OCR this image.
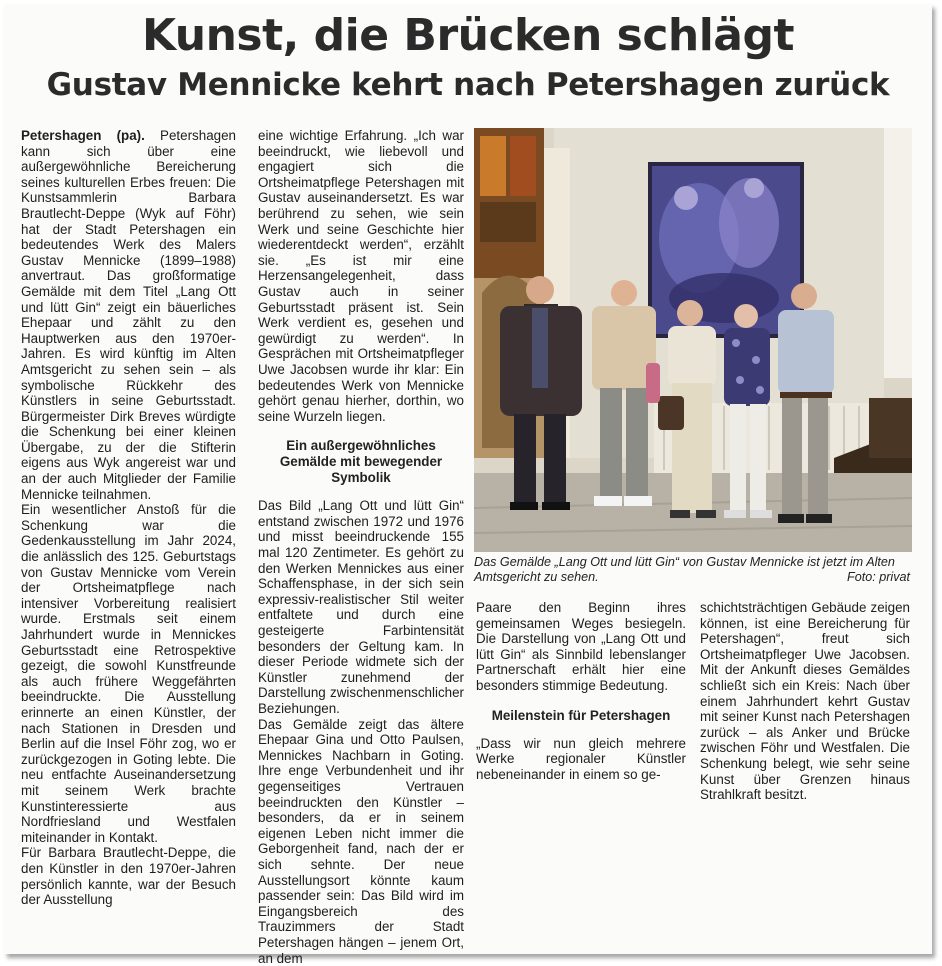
Kunst, die Brücken schlägt
Gustav Mennicke kehrt nach Petershagen zurück

Petershagen (pa). Petershagen kann sich über eine außergewöhnliche Bereicherung seines kulturellen Erbes freuen: Die Kunstsammlerin Barbara Brautlecht-Deppe (Wyk auf Föhr) hat der Stadt Petershagen ein bedeutendes Werk des Malers Gustav Mennicke (1899–1988) anvertraut. Das großformatige Gemälde mit dem Titel „Lang Ott und lütt Gin“ zeigt ein bäuerliches Ehepaar und zählt zu den Hauptwerken aus den 1970er-Jahren. Es wird künftig im Alten Amtsgericht zu sehen sein – als symbolische Rückkehr des Künstlers in seine Geburtsstadt. Bürgermeister Dirk Breves würdigte die Schenkung bei einer kleinen Übergabe, zu der die Stifterin eigens aus Wyk angereist war und an der auch Mitglieder der Familie Mennicke teilnahmen.

Ein wesentlicher Anstoß für die Schenkung war die Gedenkausstellung im Jahr 2024, die anlässlich des 125. Geburtstags von Gustav Mennicke vom Verein der Ortsheimatpflege nach intensiver Vorbereitung realisiert wurde. Erstmals seit einem Jahrhundert wurde in Mennickes Geburtsstadt eine Retrospektive gezeigt, die sowohl Kunstfreunde als auch frühere Weggefährten beeindruckte. Die Ausstellung erinnerte an einen Künstler, der nach Stationen in Dresden und Berlin auf die Insel Föhr zog, wo er zurückgezogen in Goting lebte. Die neu entfachte Auseinandersetzung mit seinem Werk brachte Kunstinteressierte aus Nordfriesland und Westfalen miteinander in Kontakt.

Für Barbara Brautlecht-Deppe, die den Künstler in den 1970er-Jahren persönlich kannte, war der Besuch der Ausstellung

eine wichtige Erfahrung. „Ich war beeindruckt, wie liebevoll und engagiert sich die Ortsheimatpflege Petershagen mit Gustav auseinandersetzt. Es war berührend zu sehen, wie sein Werk und seine Geschichte hier wiederentdeckt werden“, erzählt sie. „Es ist mir eine Herzensangelegenheit, dass Gustav auch in seiner Geburtsstadt präsent ist. Sein Werk verdient es, gesehen und gewürdigt zu werden“. In Gesprächen mit Ortsheimatpfleger Uwe Jacobsen wurde ihr klar: Ein bedeutendes Werk von Mennicke gehört genau hierher, dorthin, wo seine Wurzeln liegen.

Ein außergewöhnliches Gemälde mit bewegender Symbolik

Das Bild „Lang Ott und lütt Gin“ entstand zwischen 1972 und 1976 und misst beeindruckende 155 mal 120 Zentimeter. Es gehört zu den Werken Mennickes aus einer Schaffensphase, in der sich sein expressiv-realistischer Stil weiter entfaltete und durch eine gesteigerte Farbintensität besonders der Geltung kam. In dieser Periode widmete sich der Künstler zunehmend der Darstellung zwischenmenschlicher Beziehungen.

Das Gemälde zeigt das ältere Ehepaar Gina und Otto Paulsen, Mennickes Nachbarn in Goting. Ihre enge Verbundenheit und ihr gegenseitiges Vertrauen beeindruckten den Künstler – besonders, da er in seinem eigenen Leben nicht immer die Geborgenheit fand, nach der er sich sehnte. Der neue Ausstellungsort könnte kaum passender sein: Das Bild wird im Eingangsbereich des Trauzimmers der Stadt Petershagen hängen – jenem Ort, an dem

Das Gemälde „Lang Ott und lütt Gin“ von Gustav Mennicke ist jetzt im Alten Amtsgericht zu sehen.	Foto: privat

Paare den Beginn ihres gemeinsamen Weges besiegeln. Die Darstellung von „Lang Ott und lütt Gin“ als Sinnbild lebenslanger Partnerschaft erhält hier eine besonders stimmige Bedeutung.

Meilenstein für Petershagen

„Dass wir nun gleich mehrere Werke regionaler Künstler nebeneinander in einem so ge-

schichtsträchtigen Gebäude zeigen können, ist eine Bereicherung für Petershagen“, freut sich Ortsheimatpfleger Uwe Jacobsen. Mit der Ankunft dieses Gemäldes schließt sich ein Kreis: Nach über einem Jahrhundert kehrt Gustav mit seiner Kunst nach Petershagen zurück – als Anker und Brücke zwischen Föhr und Westfalen. Die Schenkung belegt, wie sehr seine Kunst über Grenzen hinaus Strahlkraft besitzt.
